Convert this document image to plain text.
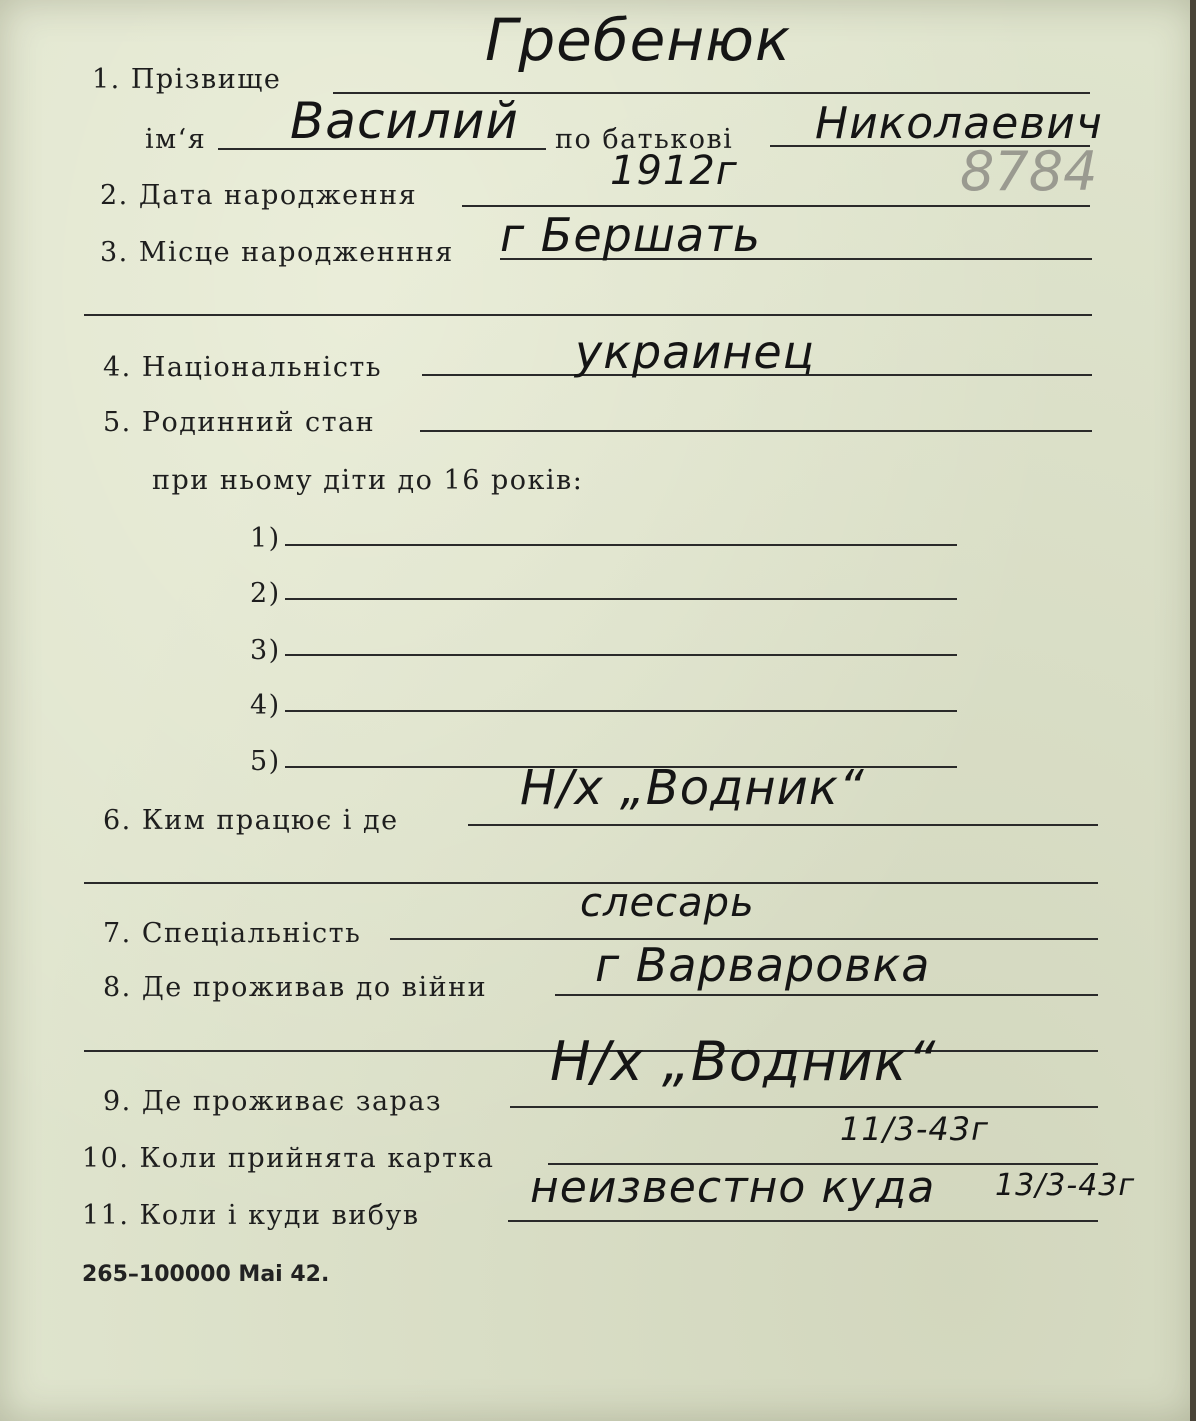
1. Прізвище
Гребенюк
ім‘я Василий по батькові Николаевич
8784
2. Дата народження
1912г
3. Місце народженння г Бершать
4. Національність	украинец
5. Родинний стан
при ньому діти до 16 років:
1)
2)
3)
4)
5)
6. Ким працює і де
Н/х „Водник“
7. Спеціальність
слесарь
8. Де проживав до війни г Варваровка
9. Де проживає зараз
Н/х „Водник“
10. Коли прийнята картка
11/3-43г
11. Коли і куди вибув
неизвестно куда 13/3-43г
265–100000 Mai 42.
